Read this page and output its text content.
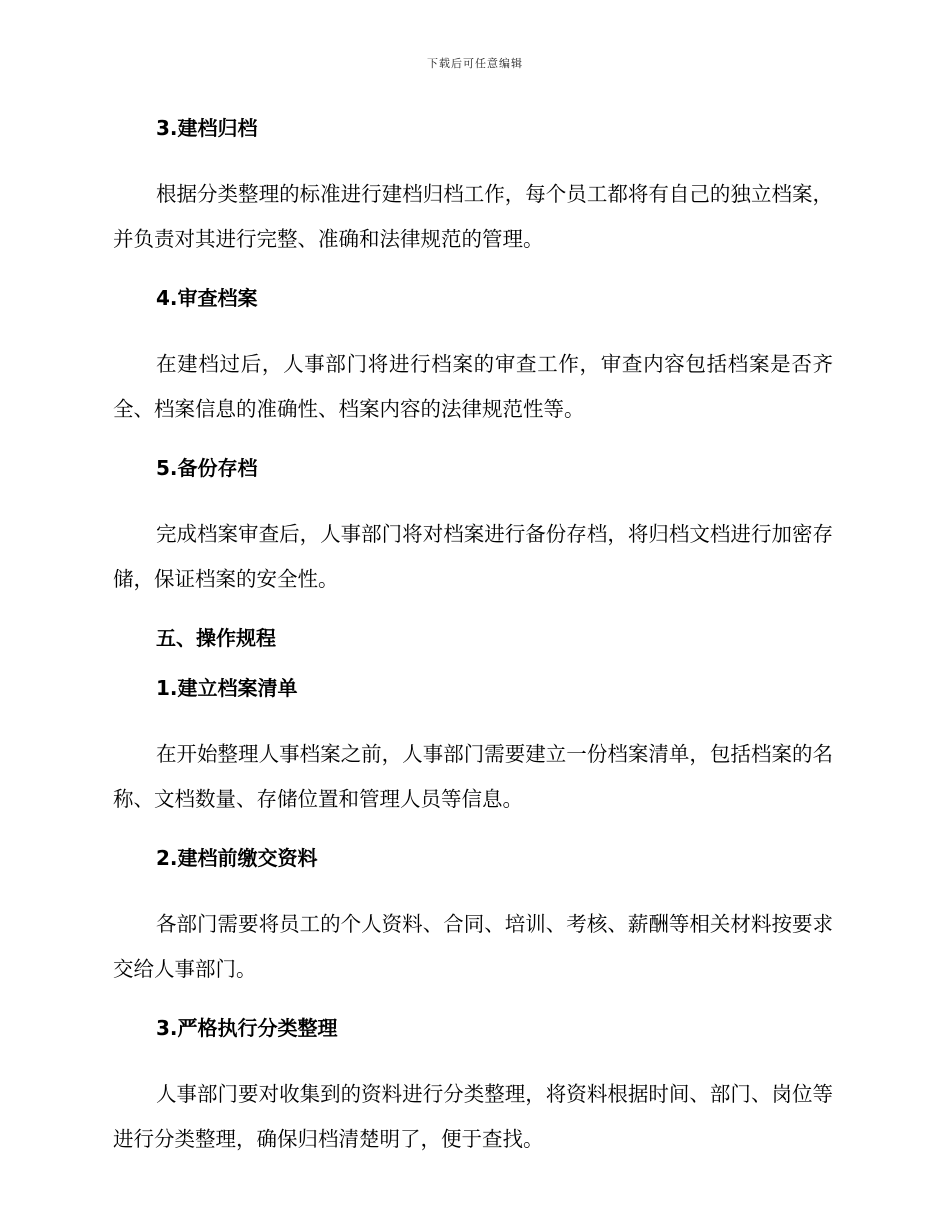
下载后可任意编辑

3.建档归档

根据分类整理的标准进行建档归档工作，每个员工都将有自己的独立档案，并负责对其进行完整、准确和法律规范的管理。

4.审查档案

在建档过后，人事部门将进行档案的审查工作，审查内容包括档案是否齐全、档案信息的准确性、档案内容的法律规范性等。

5.备份存档

完成档案审查后，人事部门将对档案进行备份存档，将归档文档进行加密存储，保证档案的安全性。

五、操作规程

1.建立档案清单

在开始整理人事档案之前，人事部门需要建立一份档案清单，包括档案的名称、文档数量、存储位置和管理人员等信息。

2.建档前缴交资料

各部门需要将员工的个人资料、合同、培训、考核、薪酬等相关材料按要求交给人事部门。

3.严格执行分类整理

人事部门要对收集到的资料进行分类整理，将资料根据时间、部门、岗位等进行分类整理，确保归档清楚明了，便于查找。
